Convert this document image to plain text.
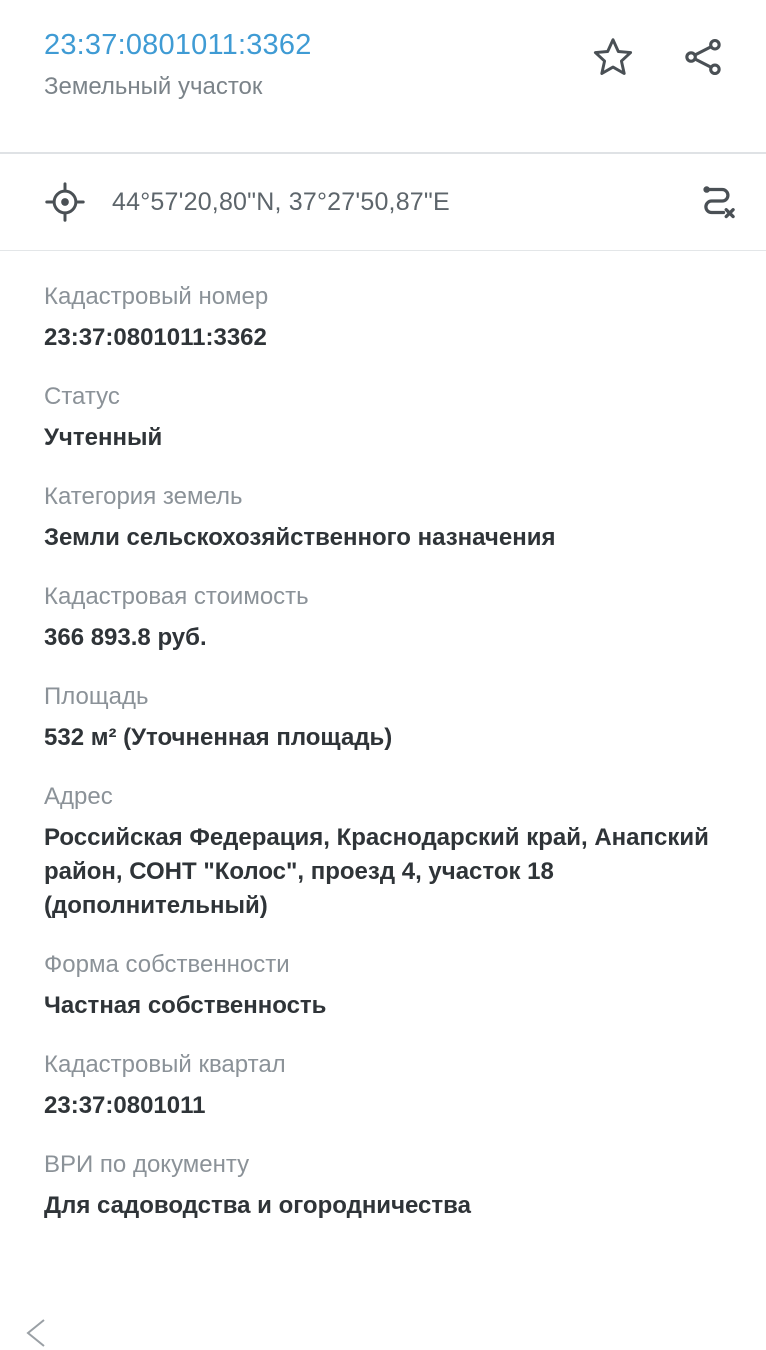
23:37:0801011:3362
Земельный участок
44°57'20,80"N, 37°27'50,87"E
Кадастровый номер
23:37:0801011:3362
Статус
Учтенный
Категория земель
Земли сельскохозяйственного назначения
Кадастровая стоимость
366 893.8 руб.
Площадь
532 м² (Уточненная площадь)
Адрес
Российская Федерация, Краснодарский край, Анапский район, СОНТ "Колос", проезд 4, участок 18 (дополнительный)
Форма собственности
Частная собственность
Кадастровый квартал
23:37:0801011
ВРИ по документу
Для садоводства и огородничества
